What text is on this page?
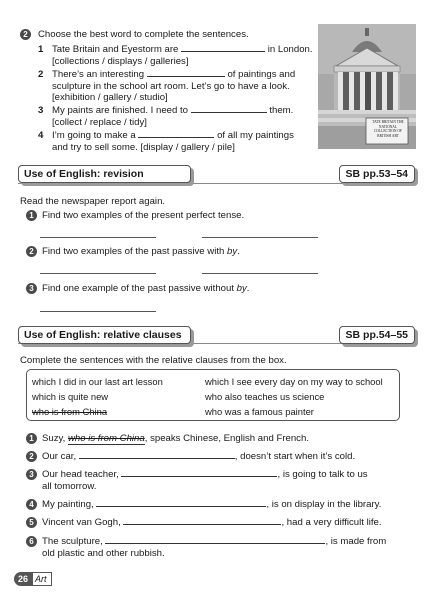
2	Choose the best word to complete the sentences.
1 Tate Britain and Eyestorm are	in London.
[collections / displays / galleries]
2 There’s an interesting	of paintings and
sculpture in the school art room. Let’s go to have a look.
[exhibition / gallery / studio]
3 My paints are finished. I need to	them.
[collect / replace / tidy]
4 I’m going to make a	of all my paintings
and try to sell some. [display / gallery / pile]
TATE BRITAIN THE NATIONAL COLLECTION OF BRITISH ART
Use of English: revision	SB pp.53–54
Read the newspaper report again.
1 Find two examples of the present perfect tense.
2 Find two examples of the past passive with by.
3 Find one example of the past passive without by.
Use of English: relative clauses	SB pp.54–55
Complete the sentences with the relative clauses from the box.
which I did in our last art lesson	which I see every day on my way to school
which is quite new	who also teaches us science
who is from China	who was a famous painter
1 Suzy, who is from China, speaks Chinese, English and French.
2 Our car,	, doesn’t start when it’s cold.
3 Our head teacher,	, is going to talk to us
all tomorrow.
4 My painting,	, is on display in the library.
5 Vincent van Gogh,	, had a very difficult life.
6 The sculpture,	, is made from
old plastic and other rubbish.
26 Art
